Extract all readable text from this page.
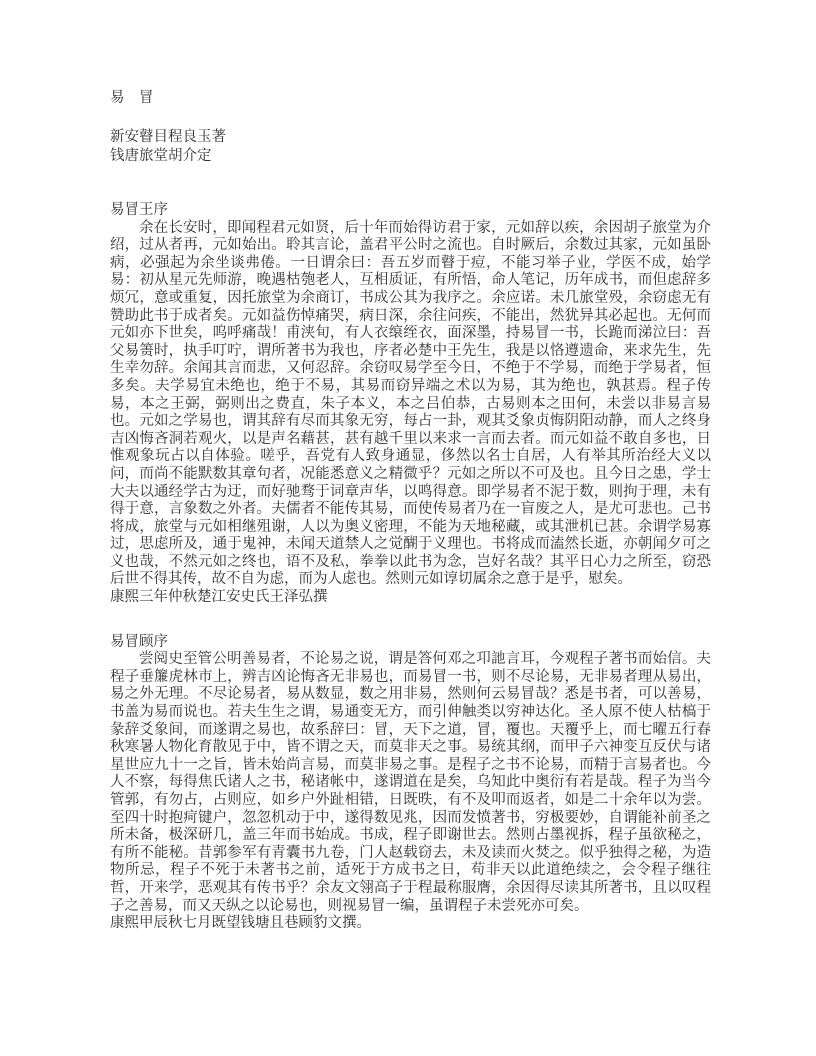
易　冒
新安瞽目程良玉著
钱唐旅堂胡介定
易冒王序

余在长安时，即闻程君元如贤，后十年而始得访君于家，元如辞以疾，余因胡子旅堂为介绍，过从者再，元如始出。聆其言论，盖君平公时之流也。自时厥后，余数过其家，元如虽卧病，必强起为余坐谈弗倦。一日谓余曰：吾五岁而瞽于痘，不能习举子业，学医不成，始学易：初从星元先师游，晚遇枯匏老人，互相质证，有所悟，命人笔记，历年成书，而但虑辞多烦冗，意或重复，因托旅堂为余商订，书成公其为我序之。余应诺。未几旅堂殁，余窃虑无有赞助此书于成者矣。元如益伤悼痛哭，病日深，余往问疾，不能出，然犹异其必起也。无何而元如亦下世矣，呜呼痛哉！甫浃旬，有人衣缞绖衣，面深墨，持易冒一书，长跪而涕泣曰：吾父易箦时，执手叮咛，谓所著书为我也，序者必楚中王先生，我是以恪遵遗命，来求先生，先生幸勿辞。余闻其言而悲，又何忍辞。余窃叹易学至今日，不绝于不学易，而绝于学易者，恒多矣。夫学易宜未绝也，绝于不易，其易而窃异端之术以为易，其为绝也，孰甚焉。程子传易，本之王弼，弼则出之费直，朱子本义，本之吕伯恭，古易则本之田何，未尝以非易言易也。元如之学易也，谓其辞有尽而其象无穷，每占一卦，观其爻象贞悔阴阳动静，而人之终身吉凶悔吝洞若观火，以是声名藉甚，甚有越千里以来求一言而去者。而元如益不敢自多也，日惟观象玩占以自体验。嗟乎，吾党有人致身通显，侈然以名士自居，人有举其所治经大义以问，而尚不能默数其章句者，况能悉意义之精微乎？元如之所以不可及也。且今日之患，学士大夫以通经学古为迂，而好驰骛于词章声华，以鸣得意。即学易者不泥于数，则拘于理，未有得于意，言象数之外者。夫儒者不能传其易，而使传易者乃在一盲废之人，是尤可悲也。己书将成，旅堂与元如相继殂谢，人以为奥义密理，不能为天地秘藏，或其泄机已甚。余谓学易寡过，思虑所及，通于鬼神，未闻天道禁人之觉醐于义理也。书将成而溘然长逝，亦朝闻夕可之义也哉，不然元如之终也，语不及私，拳拳以此书为念，岂好名哉？其平日心力之所至，窃恐后世不得其传，故不自为虑，而为人虑也。然则元如谆切属余之意于是乎，慰矣。

康熙三年仲秋楚江安史氏王泽弘撰

易冒顾序

尝阅史至管公明善易者，不论易之说，谓是答何邓之卭訑言耳，今观程子著书而始信。夫程子垂簾虎林市上，辨吉凶论悔吝无非易也，而易冒一书，则不尽论易，无非易者理从易出，易之外无理。不尽论易者，易从数显，数之用非易，然则何云易冒哉？悉是书者，可以善易，书盖为易而说也。若夫生生之谓，易通变无方，而引伸触类以穷神达化。圣人原不使人枯槁于彖辞爻象间，而遂谓之易也，故系辞曰：冒，天下之道，冒，覆也。天覆乎上，而七曜五行春秋寒暑人物化育散见于中，皆不谓之天，而莫非天之事。易统其纲，而甲子六神变互反伏与诸星世应九十一之旨，皆未始尚言易，而莫非易之事。是程子之书不论易，而精于言易者也。今人不察，每得焦氏诸人之书，秘诸帐中，遂谓道在是矣，乌知此中奥衍有若是哉。程子为当今管郭，有勿占，占则应，如乡户外趾相错，日既昳，有不及叩而返者，如是二十余年以为尝。至四十时抱疴键户，忽忽机动于中，遂得数见兆，因而发愤著书，穷极要妙，自谓能补前圣之所未备，极深研几，盖三年而书始成。书成，程子即谢世去。然则占墨视拆，程子虽欲秘之，有所不能秘。昔郭参军有青囊书九卷，门人赵载窃去，未及读而火焚之。似乎独得之秘，为造物所忌，程子不死于未著书之前，适死于方成书之日，苟非天以此道绝续之，会令程子继往哲，开来学，恶观其有传书乎？余友文翎高子于程最称服膺，余因得尽读其所著书，且以叹程子之善易，而又天纵之以论易也，则视易冒一编，虽谓程子未尝死亦可矣。

康熙甲辰秋七月既望钱塘且巷顾豹文撰。
